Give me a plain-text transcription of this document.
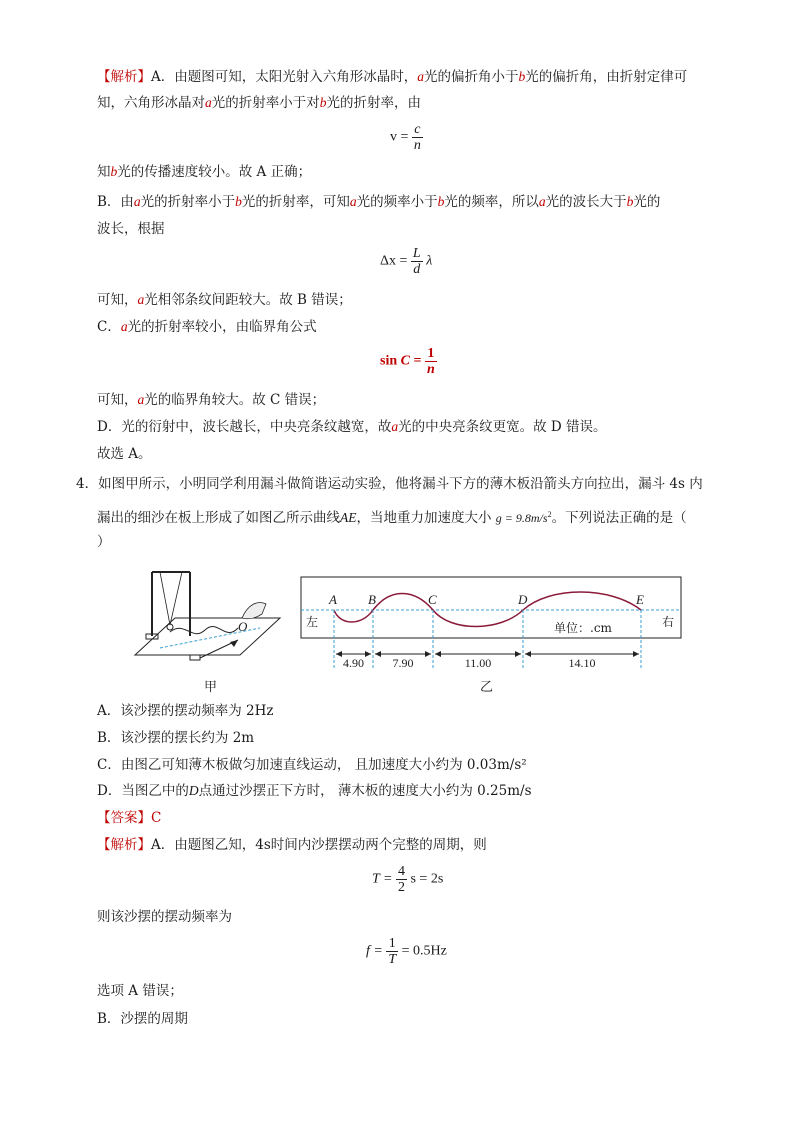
【解析】A．由题图可知，太阳光射入六角形冰晶时，a光的偏折角小于b光的偏折角，由折射定律可
知，六角形冰晶对a光的折射率小于对b光的折射率，由
$v = \frac{c}{n}$
知b光的传播速度较小。故 A 正确；
B．由a光的折射率小于b光的折射率，可知a光的频率小于b光的频率，所以a光的波长大于b光的
波长，根据
$\Delta x = \frac{L}{d}$ λ
可知，a光相邻条纹间距较大。故 B 错误；
C．a光的折射率较小，由临界角公式
$\sin C = \frac{1}{n}$
可知，a光的临界角较大。故 C 错误；
D．光的衍射中，波长越长，中央亮条纹越宽，故a光的中央亮条纹更宽。故 D 错误。
故选 A。
4．如图甲所示，小明同学利用漏斗做简谐运动实验，他将漏斗下方的薄木板沿箭头方向拉出，漏斗 4s 内
漏出的细沙在板上形成了如图乙所示曲线AE，当地重力加速度大小 $g = 9.8m/s^2$。下列说法正确的是（
）
O
甲
A B	C	D	E
4.90 7.90	11.00	14.10
左	右
单位：.cm
乙
A．该沙摆的摆动频率为 2Hz
B．该沙摆的摆长约为 2m
C．由图乙可知薄木板做匀加速直线运动， 且加速度大小约为 0.03m/s²
D．当图乙中的D点通过沙摆正下方时， 薄木板的速度大小约为 0.25m/s
【答案】C
【解析】A．由题图乙知，4s时间内沙摆摆动两个完整的周期，则
$T = \frac{4}{2}$ s = 2s
则该沙摆的摆动频率为
$f = \frac{1}{T} = 0.5Hz$
选项 A 错误；
B．沙摆的周期
